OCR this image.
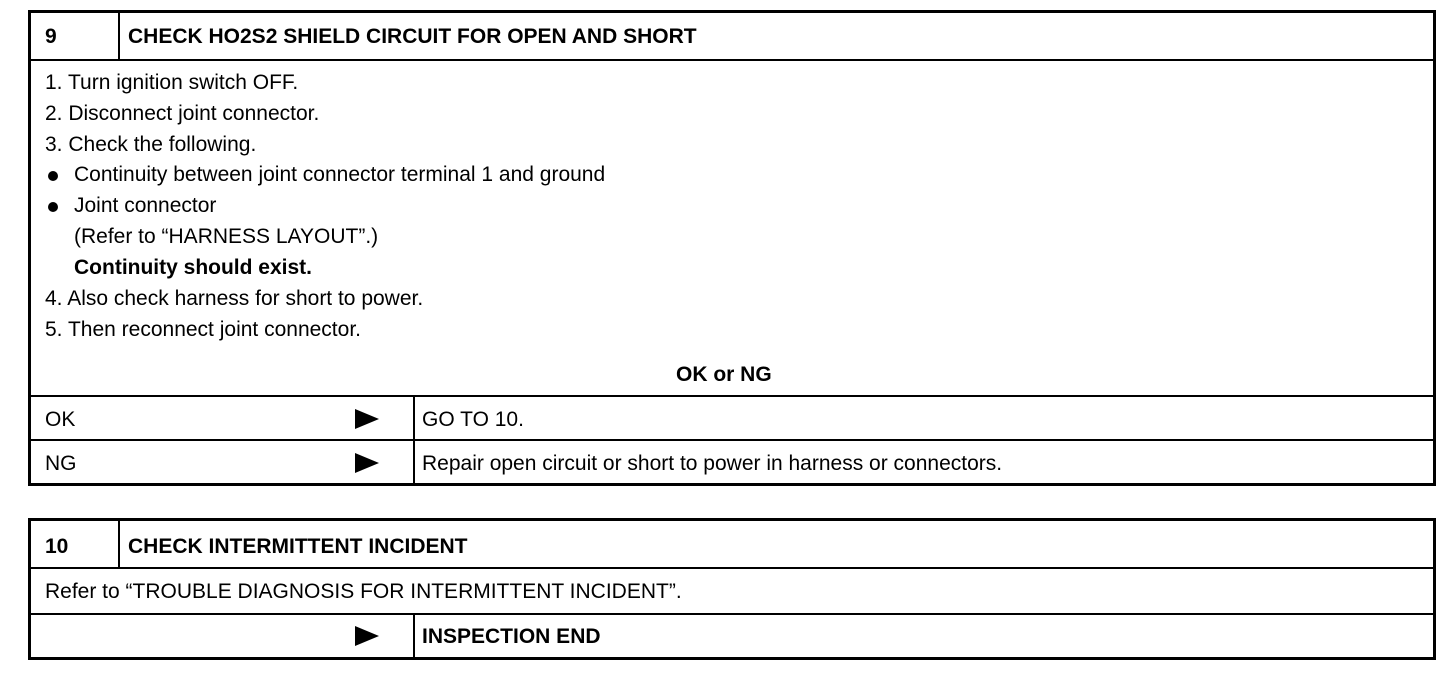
9	CHECK HO2S2 SHIELD CIRCUIT FOR OPEN AND SHORT
1. Turn ignition switch OFF.
2. Disconnect joint connector.
3. Check the following.
Continuity between joint connector terminal 1 and ground
Joint connector
(Refer to “HARNESS LAYOUT”.)
Continuity should exist.
4. Also check harness for short to power.
5. Then reconnect joint connector.
OK or NG
OK	GO TO 10.
NG	Repair open circuit or short to power in harness or connectors.
10	CHECK INTERMITTENT INCIDENT
Refer to “TROUBLE DIAGNOSIS FOR INTERMITTENT INCIDENT”.
INSPECTION END
